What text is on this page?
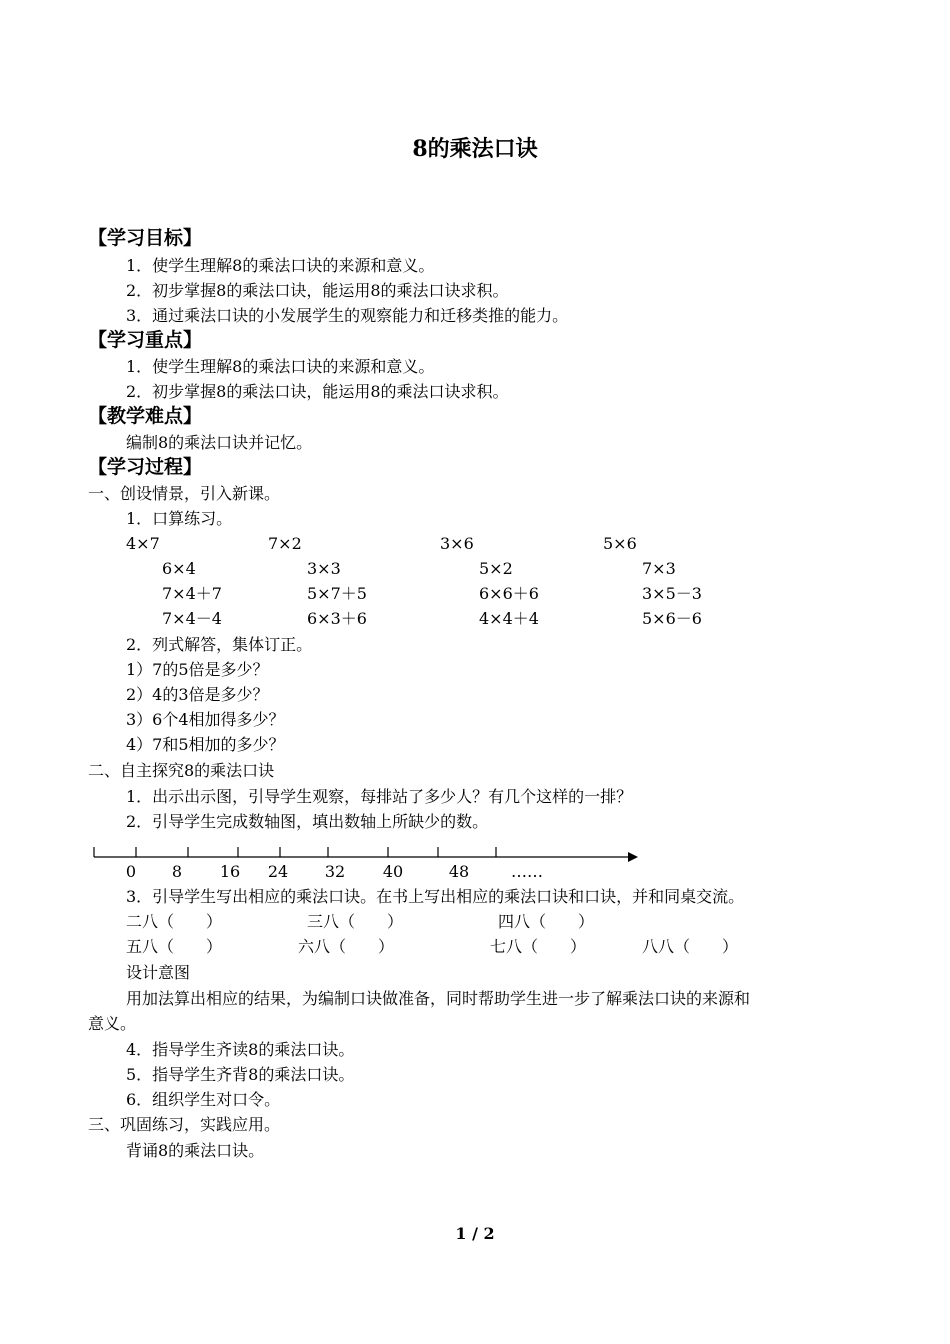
8的乘法口诀
【学习目标】
1．使学生理解8的乘法口诀的来源和意义。
2．初步掌握8的乘法口诀，能运用8的乘法口诀求积。
3．通过乘法口诀的小发展学生的观察能力和迁移类推的能力。
【学习重点】
1．使学生理解8的乘法口诀的来源和意义。
2．初步掌握8的乘法口诀，能运用8的乘法口诀求积。
【教学难点】
编制8的乘法口诀并记忆。
【学习过程】
一、创设情景，引入新课。
1．口算练习。
4×7	7×2	3×6	5×6
6×4	3×3	5×2	7×3
7×4＋7	5×7＋5	6×6＋6	3×5－3
7×4－4	6×3＋6	4×4＋4	5×6－6
2．列式解答，集体订正。
1）7的5倍是多少？
2）4的3倍是多少？
3）6个4相加得多少？
4）7和5相加的多少？
二、自主探究8的乘法口诀
1．出示出示图，引导学生观察，每排站了多少人？有几个这样的一排？
2．引导学生完成数轴图，填出数轴上所缺少的数。
0	8	16	24	32	40	48	……
3．引导学生写出相应的乘法口诀。在书上写出相应的乘法口诀和口诀，并和同桌交流。
二八（　　）	三八（　　）	四八（　　）
五八（　　）	六八（　　）	七八（　　）	八八（　　）
设计意图
用加法算出相应的结果，为编制口诀做准备，同时帮助学生进一步了解乘法口诀的来源和
意义。
4．指导学生齐读8的乘法口诀。
5．指导学生齐背8的乘法口诀。
6．组织学生对口令。
三、巩固练习，实践应用。
背诵8的乘法口诀。
1 / 2
